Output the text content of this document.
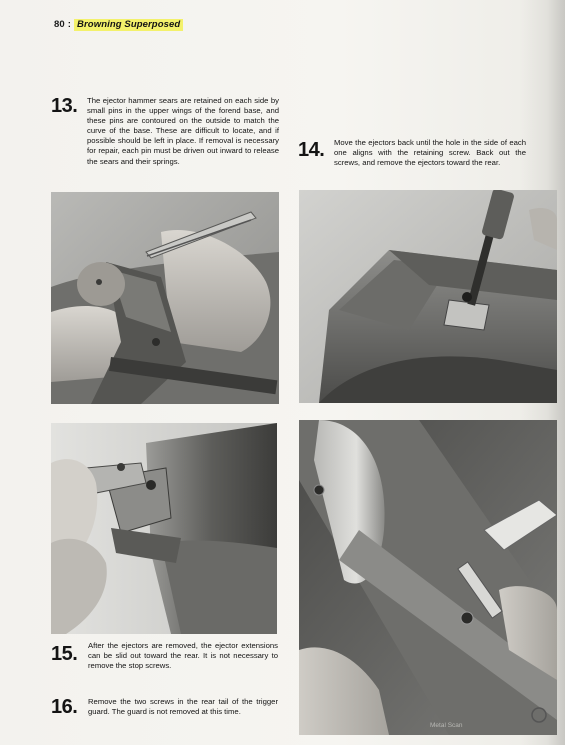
80 : Browning Superposed
13. The ejector hammer sears are retained on each side by small pins in the upper wings of the forend base, and these pins are contoured on the outside to match the curve of the base. These are difficult to locate, and if possible should be left in place. If removal is necessary for repair, each pin must be driven out inward to release the sears and their springs.
14. Move the ejectors back until the hole in the side of each one aligns with the retaining screw. Back out the screws, and remove the ejectors toward the rear.
15. After the ejectors are removed, the ejector extensions can be slid out toward the rear. It is not necessary to remove the stop screws.
16. Remove the two screws in the rear tail of the trigger guard. The guard is not removed at this time.
Metal Scan
